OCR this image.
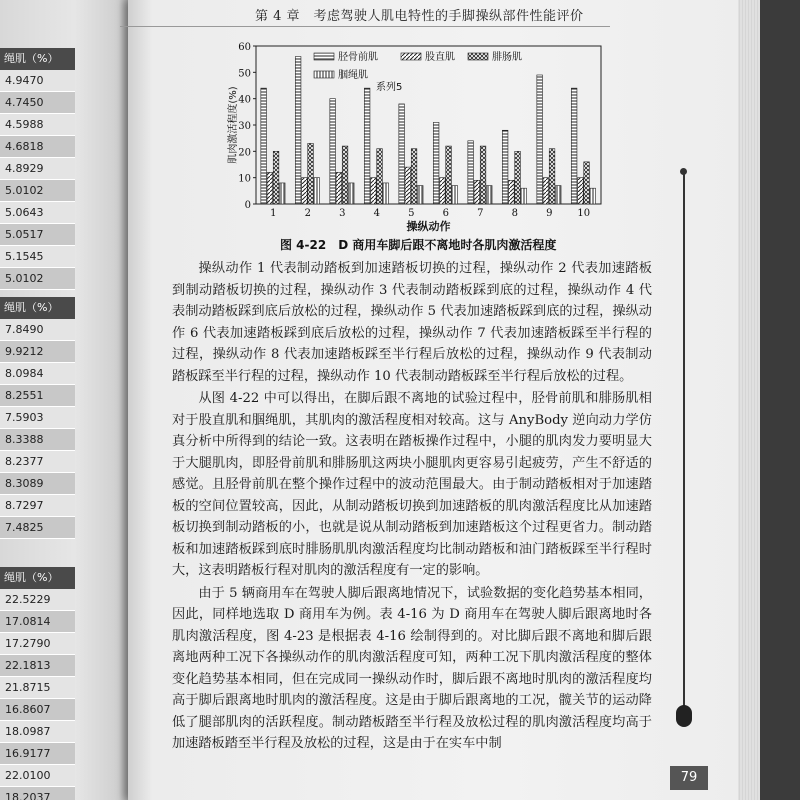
绳肌（%）
4.9470
4.7450
4.5988
4.6818
4.8929
5.0102
5.0643
5.0517
5.1545
5.0102
绳肌（%）
7.8490
9.9212
8.0984
8.2551
7.5903
8.3388
8.2377
8.3089
8.7297
7.4825
绳肌（%）
22.5229
17.0814
17.2790
22.1813
21.8715
16.8607
18.0987
16.9177
22.0100
18.2037
第 4 章　考虑驾驶人肌电特性的手脚操纵部件性能评价
0
10
20
30
40
50
60
肌肉激活程度(%)
1	2	3	4	5	6	7	8	9 10
操纵动作
胫骨前肌	股直肌	腓肠肌
腘绳肌
系列5
图 4-22　D 商用车脚后跟不离地时各肌肉激活程度

操纵动作 1 代表制动踏板到加速踏板切换的过程，操纵动作 2 代表加速踏板到制动踏板切换的过程，操纵动作 3 代表制动踏板踩到底的过程，操纵动作 4 代表制动踏板踩到底后放松的过程，操纵动作 5 代表加速踏板踩到底的过程，操纵动作 6 代表加速踏板踩到底后放松的过程，操纵动作 7 代表加速踏板踩至半行程的过程，操纵动作 8 代表加速踏板踩至半行程后放松的过程，操纵动作 9 代表制动踏板踩至半行程的过程，操纵动作 10 代表制动踏板踩至半行程后放松的过程。

从图 4-22 中可以得出，在脚后跟不离地的试验过程中，胫骨前肌和腓肠肌相对于股直肌和腘绳肌，其肌肉的激活程度相对较高。这与 AnyBody 逆向动力学仿真分析中所得到的结论一致。这表明在踏板操作过程中，小腿的肌肉发力要明显大于大腿肌肉，即胫骨前肌和腓肠肌这两块小腿肌肉更容易引起疲劳，产生不舒适的感觉。且胫骨前肌在整个操作过程中的波动范围最大。由于制动踏板相对于加速踏板的空间位置较高，因此，从制动踏板切换到加速踏板的肌肉激活程度比从加速踏板切换到制动踏板的小，也就是说从制动踏板到加速踏板这个过程更省力。制动踏板和加速踏板踩到底时腓肠肌肌肉激活程度均比制动踏板和油门踏板踩至半行程时大，这表明踏板行程对肌肉的激活程度有一定的影响。

由于 5 辆商用车在驾驶人脚后跟离地情况下，试验数据的变化趋势基本相同，因此，同样地选取 D 商用车为例。表 4-16 为 D 商用车在驾驶人脚后跟离地时各肌肉激活程度，图 4-23 是根据表 4-16 绘制得到的。对比脚后跟不离地和脚后跟离地两种工况下各操纵动作的肌肉激活程度可知，两种工况下肌肉激活程度的整体变化趋势基本相同，但在完成同一操纵动作时，脚后跟不离地时肌肉的激活程度均高于脚后跟离地时肌肉的激活程度。这是由于脚后跟离地的工况，髋关节的运动降低了腿部肌肉的活跃程度。制动踏板踏至半行程及放松过程的肌肉激活程度均高于加速踏板踏至半行程及放松的过程，这是由于在实车中制

79
